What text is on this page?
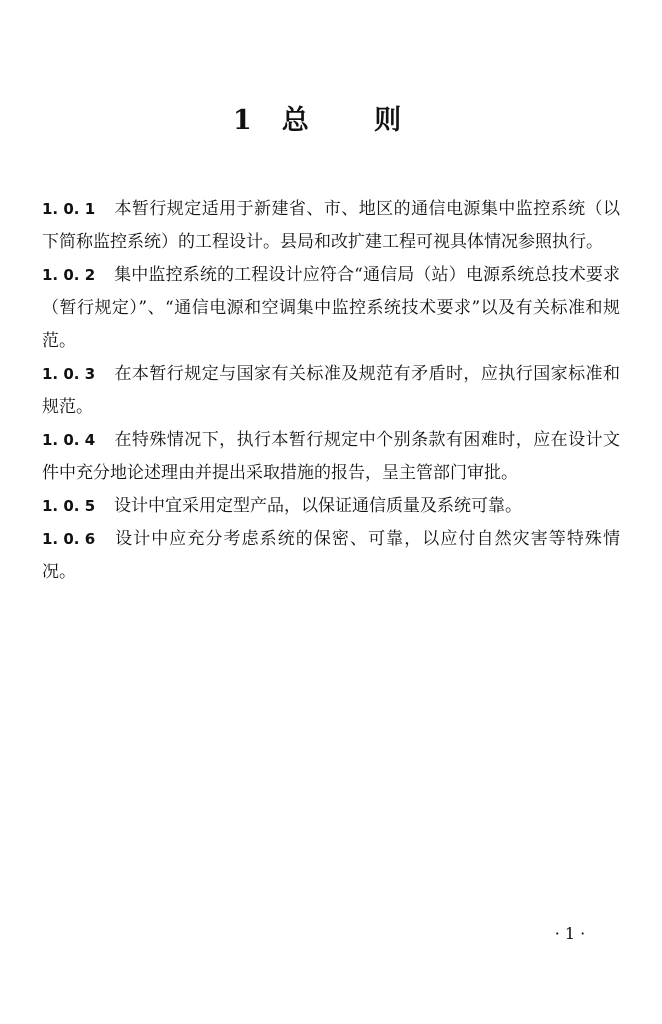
1 总 则

1. 0. 1 本暂行规定适用于新建省、市、地区的通信电源集中监控系统（以下简称监控系统）的工程设计。县局和改扩建工程可视具体情况参照执行。

1. 0. 2 集中监控系统的工程设计应符合“通信局（站）电源系统总技术要求（暂行规定）”、“通信电源和空调集中监控系统技术要求”以及有关标准和规范。

1. 0. 3 在本暂行规定与国家有关标准及规范有矛盾时，应执行国家标准和规范。

1. 0. 4 在特殊情况下，执行本暂行规定中个别条款有困难时，应在设计文件中充分地论述理由并提出采取措施的报告，呈主管部门审批。

1. 0. 5 设计中宜采用定型产品，以保证通信质量及系统可靠。

1. 0. 6 设计中应充分考虑系统的保密、可靠，以应付自然灾害等特殊情况。

· 1 ·
